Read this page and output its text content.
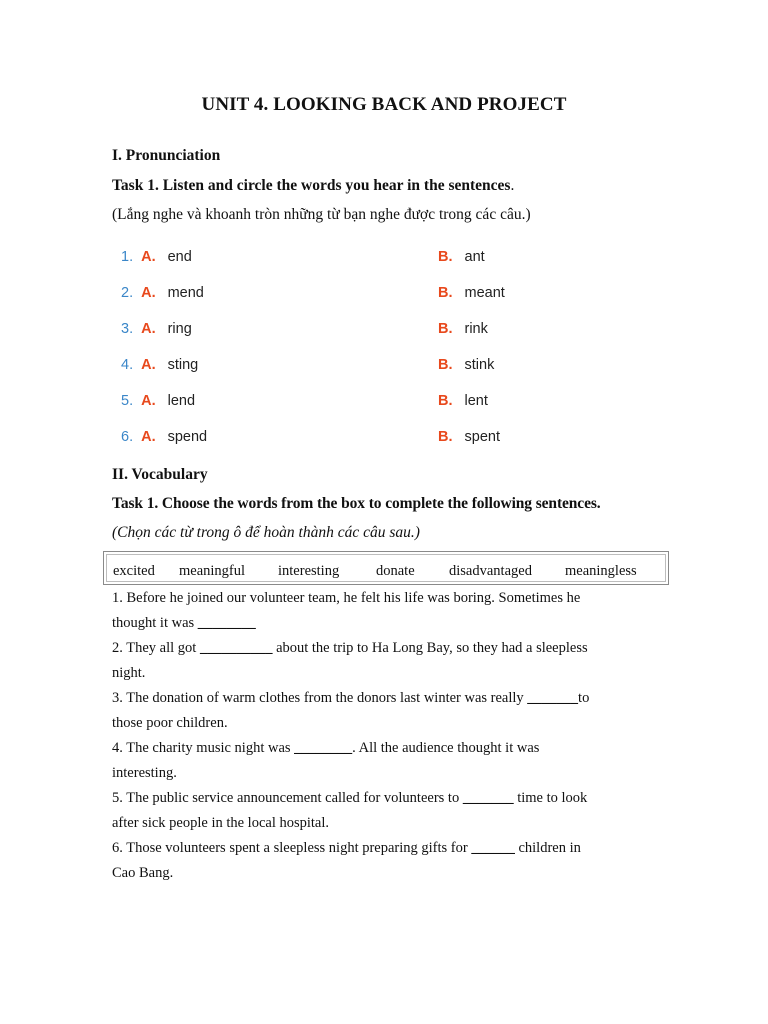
UNIT 4. LOOKING BACK AND PROJECT
I. Pronunciation
Task 1. Listen and circle the words you hear in the sentences.
(Lắng nghe và khoanh tròn những từ bạn nghe được trong các câu.)
1. A. end	B. ant
2. A. mend	B. meant
3. A. ring	B. rink
4. A. sting	B. stink
5. A. lend	B. lent
6. A. spend	B. spent
II. Vocabulary
Task 1. Choose the words from the box to complete the following sentences.
(Chọn các từ trong ô để hoàn thành các câu sau.)
excited meaningful interesting	donate disadvantaged meaningless
1. Before he joined our volunteer team, he felt his life was boring. Sometimes he
thought it was ________
2. They all got __________ about the trip to Ha Long Bay, so they had a sleepless
night.
3. The donation of warm clothes from the donors last winter was really _______to
those poor children.
4. The charity music night was ________. All the audience thought it was
interesting.
5. The public service announcement called for volunteers to _______ time to look
after sick people in the local hospital.
6. Those volunteers spent a sleepless night preparing gifts for ______ children in
Cao Bang.
